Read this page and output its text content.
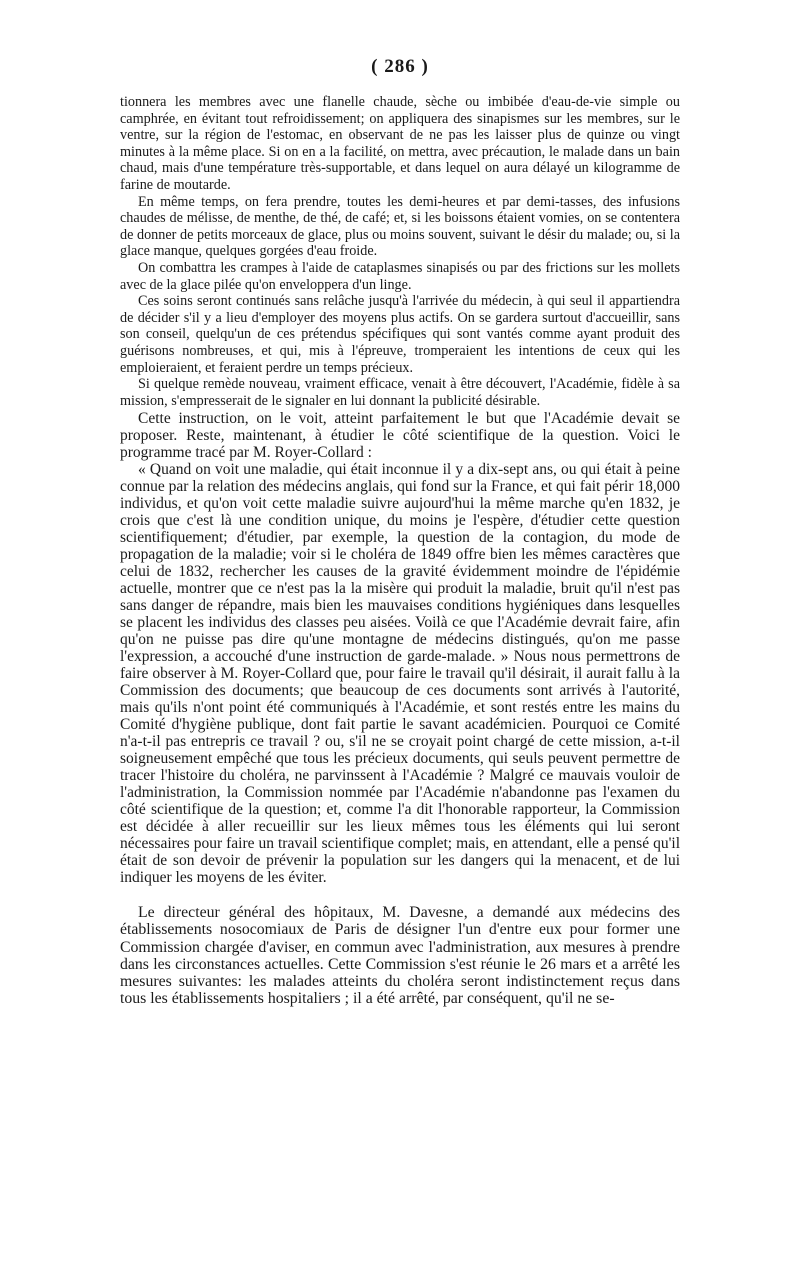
( 286 )

tionnera les membres avec une flanelle chaude, sèche ou imbibée d'eau-de-vie simple ou camphrée, en évitant tout refroidissement; on appliquera des sinapismes sur les membres, sur le ventre, sur la région de l'estomac, en observant de ne pas les laisser plus de quinze ou vingt minutes à la même place. Si on en a la facilité, on mettra, avec précaution, le malade dans un bain chaud, mais d'une température très-supportable, et dans lequel on aura délayé un kilogramme de farine de moutarde.

En même temps, on fera prendre, toutes les demi-heures et par demi-tasses, des infusions chaudes de mélisse, de menthe, de thé, de café; et, si les boissons étaient vomies, on se contentera de donner de petits morceaux de glace, plus ou moins souvent, suivant le désir du malade; ou, si la glace manque, quelques gorgées d'eau froide.

On combattra les crampes à l'aide de cataplasmes sinapisés ou par des frictions sur les mollets avec de la glace pilée qu'on enveloppera d'un linge.

Ces soins seront continués sans relâche jusqu'à l'arrivée du médecin, à qui seul il appartiendra de décider s'il y a lieu d'employer des moyens plus actifs. On se gardera surtout d'accueillir, sans son conseil, quelqu'un de ces prétendus spécifiques qui sont vantés comme ayant produit des guérisons nombreuses, et qui, mis à l'épreuve, tromperaient les intentions de ceux qui les emploieraient, et feraient perdre un temps précieux.

Si quelque remède nouveau, vraiment efficace, venait à être découvert, l'Académie, fidèle à sa mission, s'empresserait de le signaler en lui donnant la publicité désirable.

Cette instruction, on le voit, atteint parfaitement le but que l'Académie devait se proposer. Reste, maintenant, à étudier le côté scientifique de la question. Voici le programme tracé par M. Royer-Collard :

« Quand on voit une maladie, qui était inconnue il y a dix-sept ans, ou qui était à peine connue par la relation des médecins anglais, qui fond sur la France, et qui fait périr 18,000 individus, et qu'on voit cette maladie suivre aujourd'hui la même marche qu'en 1832, je crois que c'est là une condition unique, du moins je l'espère, d'étudier cette question scientifiquement; d'étudier, par exemple, la question de la contagion, du mode de propagation de la maladie; voir si le choléra de 1849 offre bien les mêmes caractères que celui de 1832, rechercher les causes de la gravité évidemment moindre de l'épidémie actuelle, montrer que ce n'est pas la la misère qui produit la maladie, bruit qu'il n'est pas sans danger de répandre, mais bien les mauvaises conditions hygiéniques dans lesquelles se placent les individus des classes peu aisées. Voilà ce que l'Académie devrait faire, afin qu'on ne puisse pas dire qu'une montagne de médecins distingués, qu'on me passe l'expression, a accouché d'une instruction de garde-malade. » Nous nous permettrons de faire observer à M. Royer-Collard que, pour faire le travail qu'il désirait, il aurait fallu à la Commission des documents; que beaucoup de ces documents sont arrivés à l'autorité, mais qu'ils n'ont point été communiqués à l'Académie, et sont restés entre les mains du Comité d'hygiène publique, dont fait partie le savant académicien. Pourquoi ce Comité n'a-t-il pas entrepris ce travail ? ou, s'il ne se croyait point chargé de cette mission, a-t-il soigneusement empêché que tous les précieux documents, qui seuls peuvent permettre de tracer l'histoire du choléra, ne parvinssent à l'Académie ? Malgré ce mauvais vouloir de l'administration, la Commission nommée par l'Académie n'abandonne pas l'examen du côté scientifique de la question; et, comme l'a dit l'honorable rapporteur, la Commission est décidée à aller recueillir sur les lieux mêmes tous les éléments qui lui seront nécessaires pour faire un travail scientifique complet; mais, en attendant, elle a pensé qu'il était de son devoir de prévenir la population sur les dangers qui la menacent, et de lui indiquer les moyens de les éviter.

Le directeur général des hôpitaux, M. Davesne, a demandé aux médecins des établissements nosocomiaux de Paris de désigner l'un d'entre eux pour former une Commission chargée d'aviser, en commun avec l'administration, aux mesures à prendre dans les circonstances actuelles. Cette Commission s'est réunie le 26 mars et a arrêté les mesures suivantes: les malades atteints du choléra seront indistinctement reçus dans tous les établissements hospitaliers ; il a été arrêté, par conséquent, qu'il ne se-
